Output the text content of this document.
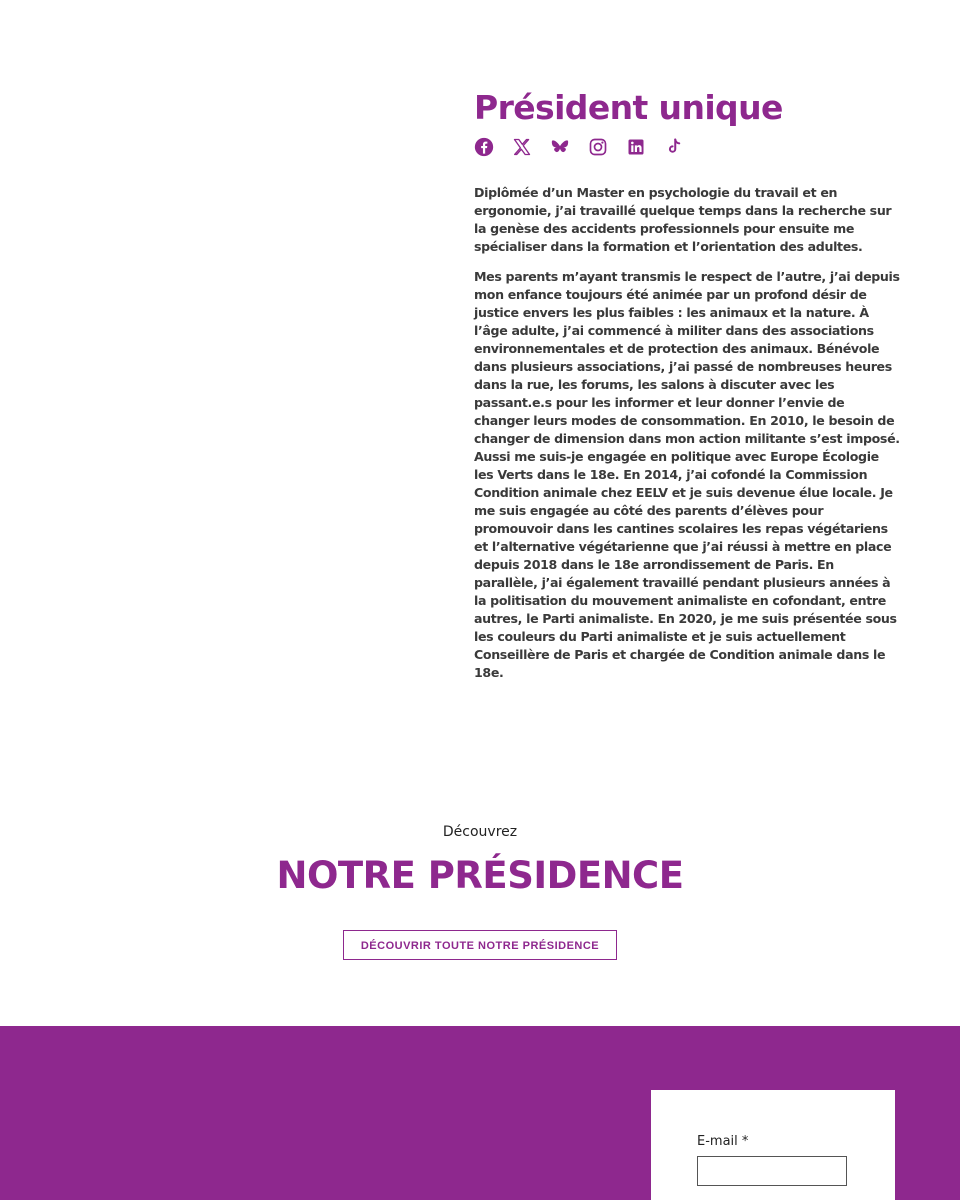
Président unique

Diplômée d’un Master en psychologie du travail et en ergonomie, j’ai travaillé quelque temps dans la recherche sur la genèse des accidents professionnels pour ensuite me spécialiser dans la formation et l’orientation des adultes.

Mes parents m’ayant transmis le respect de l’autre, j’ai depuis mon enfance toujours été animée par un profond désir de justice envers les plus faibles : les animaux et la nature. À l’âge adulte, j’ai commencé à militer dans des associations environnementales et de protection des animaux. Bénévole dans plusieurs associations, j’ai passé de nombreuses heures dans la rue, les forums, les salons à discuter avec les passant.e.s pour les informer et leur donner l’envie de changer leurs modes de consommation. En 2010, le besoin de changer de dimension dans mon action militante s’est imposé. Aussi me suis-je engagée en politique avec Europe Écologie les Verts dans le 18e. En 2014, j’ai cofondé la Commission Condition animale chez EELV et je suis devenue élue locale. Je me suis engagée au côté des parents d’élèves pour promouvoir dans les cantines scolaires les repas végétariens et l’alternative végétarienne que j’ai réussi à mettre en place depuis 2018 dans le 18e arrondissement de Paris. En parallèle, j’ai également travaillé pendant plusieurs années à la politisation du mouvement animaliste en cofondant, entre autres, le Parti animaliste. En 2020, je me suis présentée sous les couleurs du Parti animaliste et je suis actuellement Conseillère de Paris et chargée de Condition animale dans le 18e.

Découvrez
NOTRE PRÉSIDENCE
DÉCOUVRIR TOUTE NOTRE PRÉSIDENCE
E-mail *
